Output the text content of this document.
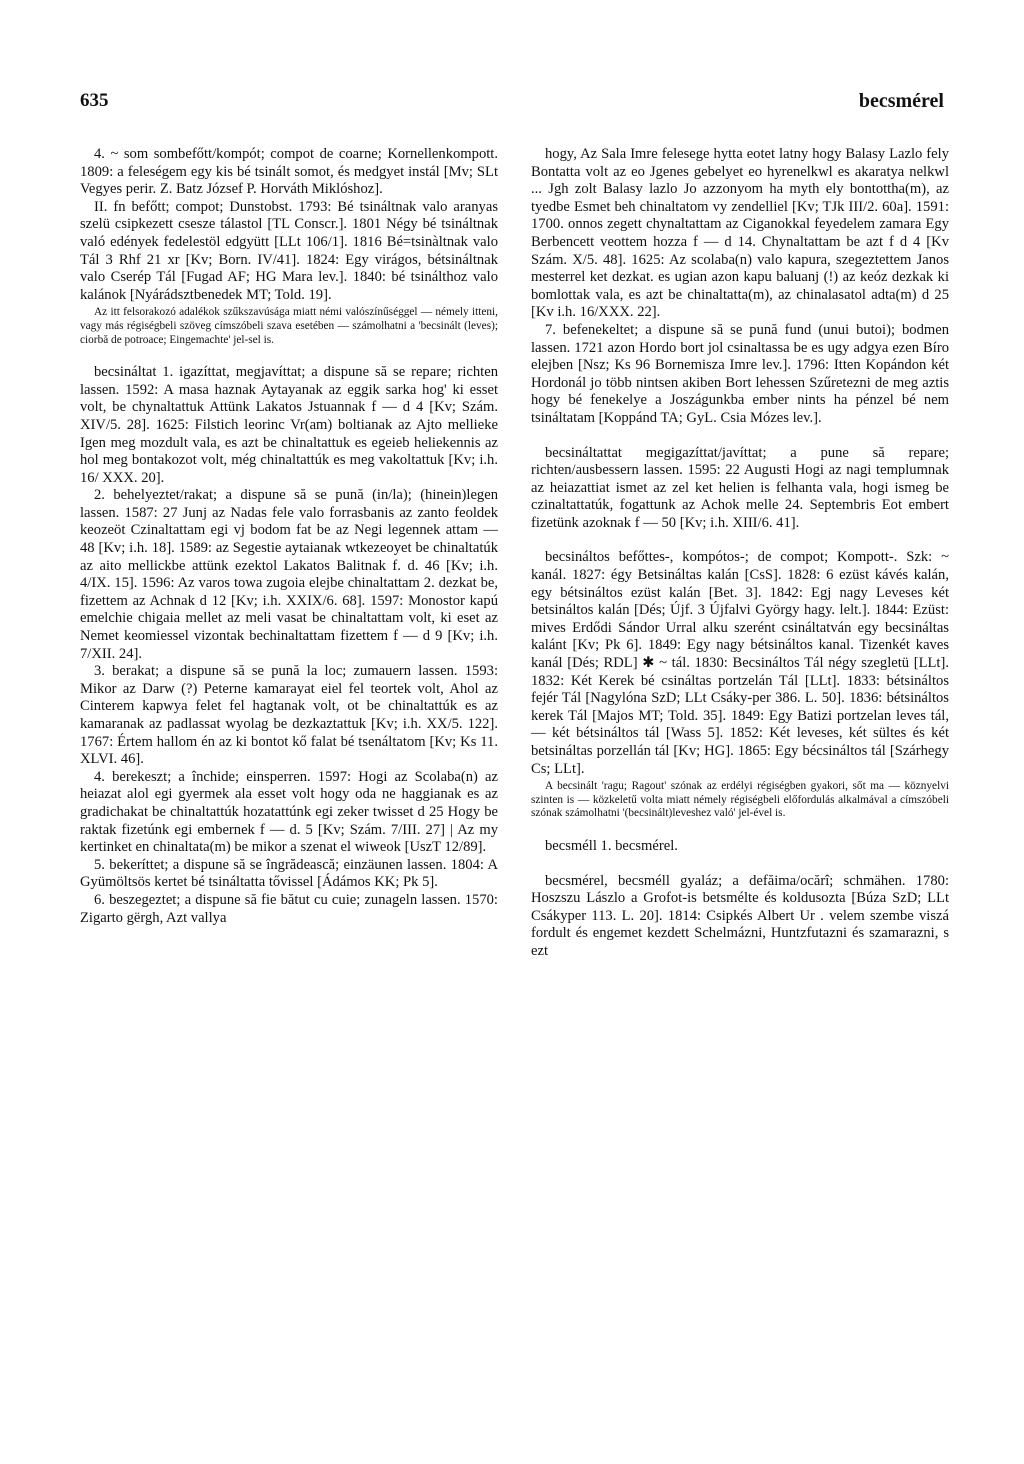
635	becsmérel

4. ~ som sombefőtt/kompót; compot de coarne; Kornellenkompott. 1809: a feleségem egy kis bé tsinált somot, és medgyet instál [Mv; SLt Vegyes perir. Z. Batz József P. Horváth Miklóshoz].

II. fn befőtt; compot; Dunstobst. 1793: Bé tsináltnak valo aranyas szelü csipkezett csesze tálastol [TL Conscr.]. 1801 Négy bé tsináltnak való edények fedelestöl edgyütt [LLt 106/1]. 1816 Bé=tsinàltnak valo Tál 3 Rhf 21 xr [Kv; Born. IV/41]. 1824: Egy virágos, bétsináltnak valo Cserép Tál [Fugad AF; HG Mara lev.]. 1840: bé tsinálthoz valo kalánok [Nyárádsztbenedek MT; Told. 19].

Az itt felsorakozó adalékok szűkszavúsága miatt némi valószínűséggel — némely itteni, vagy más régiségbeli szöveg címszóbeli szava esetében — számolhatni a 'becsinált (leves); ciorbă de potroace; Eingemachte' jel-sel is.

becsináltat 1. igazíttat, megjavíttat; a dispune să se repare; richten lassen. 1592: A masa haznak Aytayanak az eggik sarka hog' ki esset volt, be chynaltattuk Attünk Lakatos Jstuannak f — d 4 [Kv; Szám. XIV/5. 28]. 1625: Filstich leorinc Vr(am) boltianak az Ajto mellieke Igen meg mozdult vala, es azt be chinaltattuk es egeieb heliekennis az hol meg bontakozot volt, még chinaltattúk es meg vakoltattuk [Kv; i.h. 16/ XXX. 20].

2. behelyeztet/rakat; a dispune să se pună (in/la); (hinein)legen lassen. 1587: 27 Junj az Nadas fele valo forrasbanis az zanto feoldek keozeöt Czinaltattam egi vj bodom fat be az Negi legennek attam — 48 [Kv; i.h. 18]. 1589: az Segestie aytaianak wtkezeoyet be chinaltatúk az aito mellickbe attünk ezektol Lakatos Balitnak f. d. 46 [Kv; i.h. 4/IX. 15]. 1596: Az varos towa zugoia elejbe chinaltattam 2. dezkat be, fizettem az Achnak d 12 [Kv; i.h. XXIX/6. 68]. 1597: Monostor kapú emelchie chigaia mellet az meli vasat be chinaltattam volt, ki eset az Nemet keomiessel vizontak bechinaltattam fizettem f — d 9 [Kv; i.h. 7/XII. 24].

3. berakat; a dispune să se pună la loc; zumauern lassen. 1593: Mikor az Darw (?) Peterne kamarayat eiel fel teortek volt, Ahol az Cinterem kapwya felet fel hagtanak volt, ot be chinaltattúk es az kamaranak az padlassat wyolag be dezkaztattuk [Kv; i.h. XX/5. 122]. 1767: Értem hallom én az ki bontot kő falat bé tsenáltatom [Kv; Ks 11. XLVI. 46].

4. berekeszt; a închide; einsperren. 1597: Hogi az Scolaba(n) az heiazat alol egi gyermek ala esset volt hogy oda ne haggianak es az gradichakat be chinaltattúk hozatattúnk egi zeker twisset d 25 Hogy be raktak fizetúnk egi embernek f — d. 5 [Kv; Szám. 7/III. 27] | Az my kertinket en chinaltata(m) be mikor a szenat el wiweok [UszT 12/89].

5. bekeríttet; a dispune să se îngrădească; einzäunen lassen. 1804: A Gyümöltsös kertet bé tsináltatta tővissel [Ádámos KK; Pk 5].

6. beszegeztet; a dispune să fie bătut cu cuie; zunageln lassen. 1570: Zigarto gërgh, Azt vallya

hogy, Az Sala Imre felesege hytta eotet latny hogy Balasy Lazlo fely Bontatta volt az eo Jgenes gebelyet eo hyrenelkwl es akaratya nelkwl ... Jgh zolt Balasy lazlo Jo azzonyom ha myth ely bontottha(m), az tyedbe Esmet beh chinaltatom vy zendelliel [Kv; TJk III/2. 60a]. 1591: 1700. onnos zegett chynaltattam az Ciganokkal feyedelem zamara Egy Berbencett veottem hozza f — d 14. Chynaltattam be azt f d 4 [Kv Szám. X/5. 48]. 1625: Az scolaba(n) valo kapura, szegeztettem Janos mesterrel ket dezkat. es ugian azon kapu baluanj (!) az keóz dezkak ki bomlottak vala, es azt be chinaltatta(m), az chinalasatol adta(m) d 25 [Kv i.h. 16/XXX. 22].

7. befenekeltet; a dispune să se pună fund (unui butoi); bodmen lassen. 1721 azon Hordo bort jol csinaltassa be es ugy adgya ezen Bíro elejben [Nsz; Ks 96 Bornemisza Imre lev.]. 1796: Itten Kopándon két Hordonál jo több nintsen akiben Bort lehessen Szűretezni de meg aztis hogy bé fenekelye a Joszágunkba ember nints ha pénzel bé nem tsináltatam [Koppánd TA; GyL. Csia Mózes lev.].

becsináltattat megigazíttat/javíttat; a pune să repare; richten/ausbessern lassen. 1595: 22 Augusti Hogi az nagi templumnak az heiazattiat ismet az zel ket helien is felhanta vala, hogi ismeg be czinaltattatúk, fogattunk az Achok melle 24. Septembris Eot embert fizetünk azoknak f — 50 [Kv; i.h. XIII/6. 41].

becsináltos befőttes-, kompótos-; de compot; Kompott-. Szk: ~ kanál. 1827: égy Betsináltas kalán [CsS]. 1828: 6 ezüst kávés kalán, egy bétsináltos ezüst kalán [Bet. 3]. 1842: Egj nagy Leveses két betsináltos kalán [Dés; Újf. 3 Újfalvi György hagy. lelt.]. 1844: Ezüst: mives Erdődi Sándor Urral alku szerént csináltatván egy becsináltas kalánt [Kv; Pk 6]. 1849: Egy nagy bétsináltos kanal. Tizenkét kaves kanál [Dés; RDL] ✱ ~ tál. 1830: Becsináltos Tál négy szegletü [LLt]. 1832: Két Kerek bé csináltas portzelán Tál [LLt]. 1833: bétsináltos fejér Tál [Nagylóna SzD; LLt Csáky-per 386. L. 50]. 1836: bétsináltos kerek Tál [Majos MT; Told. 35]. 1849: Egy Batizi portzelan leves tál, — két bétsináltos tál [Wass 5]. 1852: Két leveses, két sültes és két betsináltas porzellán tál [Kv; HG]. 1865: Egy bécsináltos tál [Szárhegy Cs; LLt].

A becsinált 'ragu; Ragout' szónak az erdélyi régiségben gyakori, sőt ma — köznyelvi szinten is — közkeletű volta miatt némely régiségbeli előfordulás alkalmával a címszóbeli szónak számolhatni '(becsinált)leveshez való' jel-ével is.

becsméll 1. becsmérel.

becsmérel, becsméll gyaláz; a defăima/ocărî; schmähen. 1780: Hoszszu Lászlo a Grofot-is betsmélte és koldusozta [Búza SzD; LLt Csákyper 113. L. 20]. 1814: Csipkés Albert Ur . velem szembe viszá fordult és engemet kezdett Schelmázni, Huntzfutazni és szamarazni, s ezt
